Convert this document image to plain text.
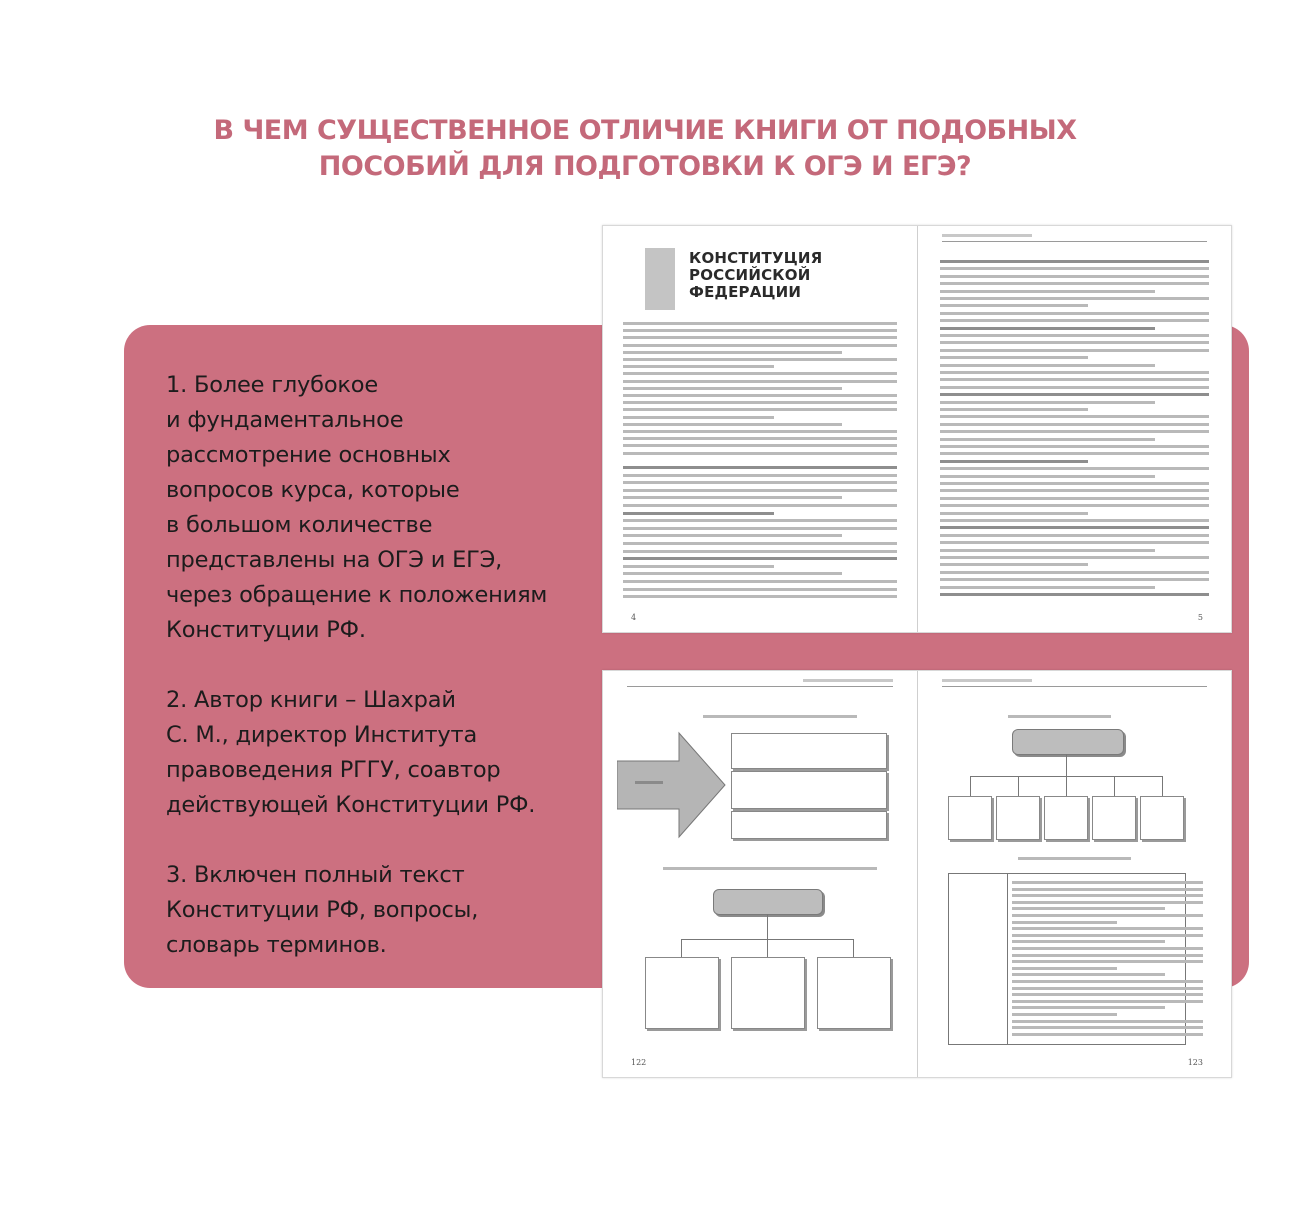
В ЧЕМ СУЩЕСТВЕННОЕ ОТЛИЧИЕ КНИГИ ОТ ПОДОБНЫХ
ПОСОБИЙ ДЛЯ ПОДГОТОВКИ К ОГЭ И ЕГЭ?
1. Более глубокое
и фундаментальное
рассмотрение основных
вопросов курса, которые
в большом количестве
представлены на ОГЭ и ЕГЭ,
через обращение к положениям
Конституции РФ.
2. Автор книги – Шахрай
С. М., директор Института
правоведения РГГУ, соавтор
действующей Конституции РФ.
3. Включен полный текст
Конституции РФ, вопросы,
словарь терминов.
КОНСТИТУЦИЯ
РОССИЙСКОЙ ФЕДЕРАЦИИ
4	5
122	123
